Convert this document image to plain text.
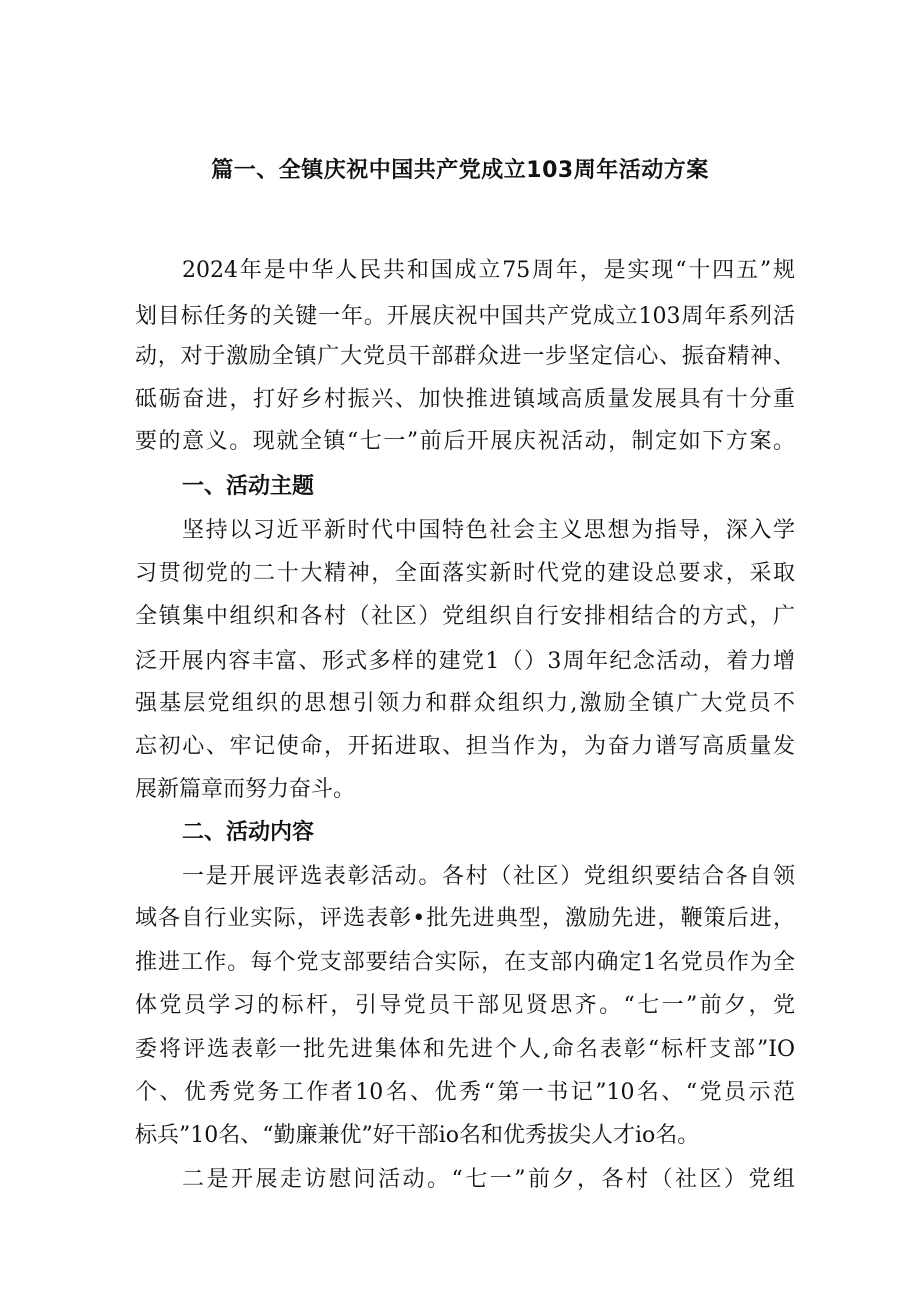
篇一、全镇庆祝中国共产党成立103周年活动方案
2024年是中华人民共和国成立75周年，是实现“十四五”规
划目标任务的关键一年。开展庆祝中国共产党成立103周年系列活
动，对于激励全镇广大党员干部群众进一步坚定信心、振奋精神、
砥砺奋进，打好乡村振兴、加快推进镇域高质量发展具有十分重
要的意义。现就全镇“七一”前后开展庆祝活动，制定如下方案。
一、活动主题
坚持以习近平新时代中国特色社会主义思想为指导，深入学
习贯彻党的二十大精神，全面落实新时代党的建设总要求，采取
全镇集中组织和各村（社区）党组织自行安排相结合的方式，广
泛开展内容丰富、形式多样的建党1（）3周年纪念活动，着力增
强基层党组织的思想引领力和群众组织力,激励全镇广大党员不
忘初心、牢记使命，开拓进取、担当作为，为奋力谱写高质量发
展新篇章而努力奋斗。
二、活动内容
一是开展评选表彰活动。各村（社区）党组织要结合各自领
域各自行业实际，评选表彰•批先进典型，激励先进，鞭策后进，
推进工作。每个党支部要结合实际，在支部内确定1名党员作为全
体党员学习的标杆，引导党员干部见贤思齐。“七一”前夕，党
委将评选表彰一批先进集体和先进个人,命名表彰“标杆支部”IO
个、优秀党务工作者10名、优秀“第一书记”10名、“党员示范
标兵”10名、“勤廉兼优”好干部io名和优秀拔尖人才io名。
二是开展走访慰问活动。“七一”前夕，各村（社区）党组
